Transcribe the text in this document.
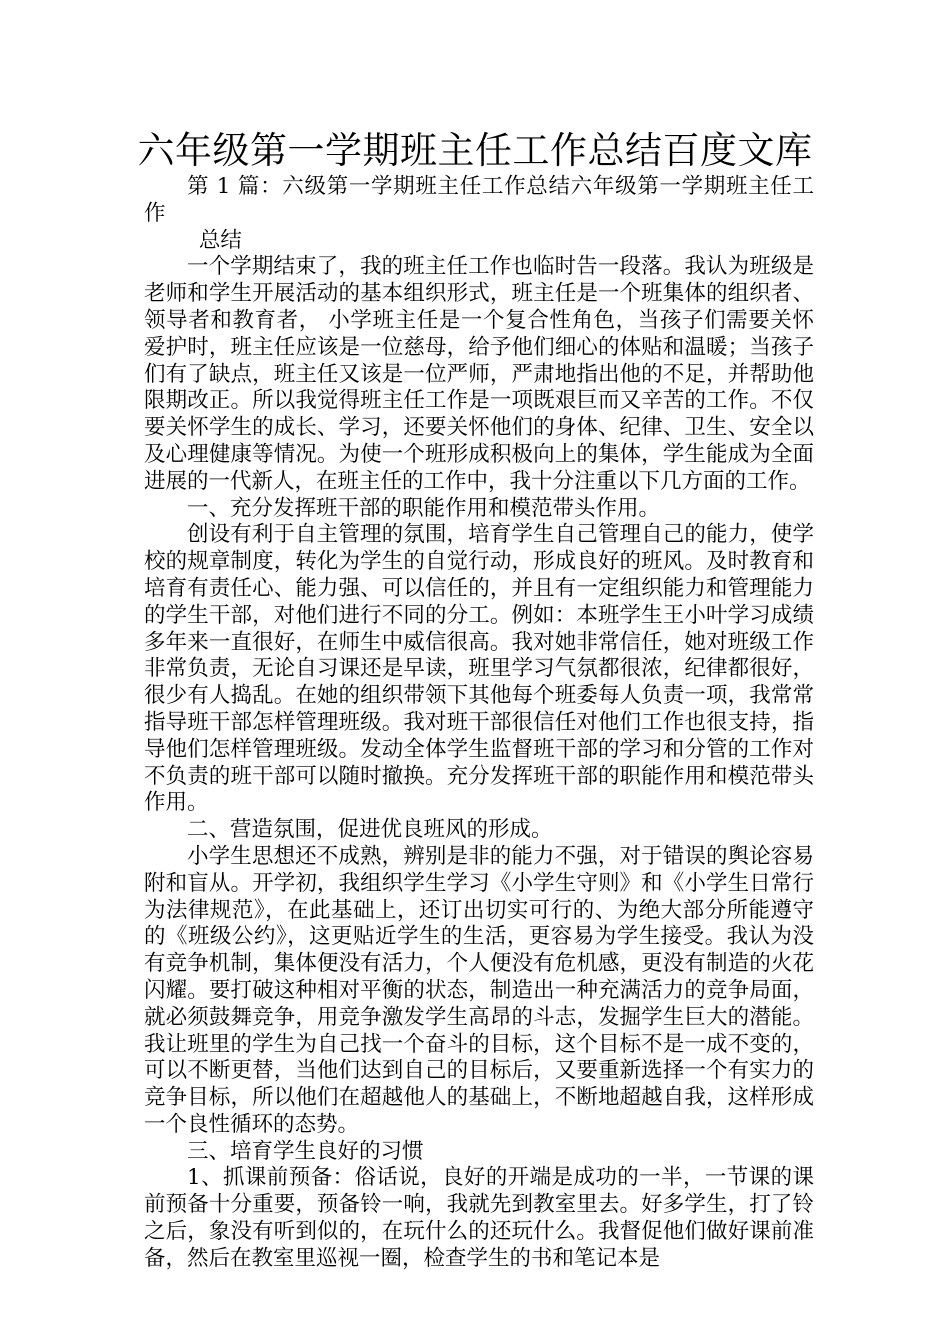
六年级第一学期班主任工作总结百度文库

第 1 篇：六级第一学期班主任工作总结六年级第一学期班主任工作

总结

一个学期结束了，我的班主任工作也临时告一段落。我认为班级是老师和学生开展活动的基本组织形式，班主任是一个班集体的组织者、领导者和教育者， 小学班主任是一个复合性角色，当孩子们需要关怀爱护时，班主任应该是一位慈母，给予他们细心的体贴和温暖；当孩子们有了缺点，班主任又该是一位严师，严肃地指出他的不足，并帮助他限期改正。所以我觉得班主任工作是一项既艰巨而又辛苦的工作。不仅要关怀学生的成长、学习，还要关怀他们的身体、纪律、卫生、安全以及心理健康等情况。为使一个班形成积极向上的集体，学生能成为全面进展的一代新人，在班主任的工作中，我十分注重以下几方面的工作。

一、充分发挥班干部的职能作用和模范带头作用。

创设有利于自主管理的氛围，培育学生自己管理自己的能力，使学校的规章制度，转化为学生的自觉行动，形成良好的班风。及时教育和培育有责任心、能力强、可以信任的，并且有一定组织能力和管理能力的学生干部，对他们进行不同的分工。例如：本班学生王小叶学习成绩多年来一直很好，在师生中威信很高。我对她非常信任，她对班级工作非常负责，无论自习课还是早读，班里学习气氛都很浓，纪律都很好，很少有人捣乱。在她的组织带领下其他每个班委每人负责一项，我常常指导班干部怎样管理班级。我对班干部很信任对他们工作也很支持，指导他们怎样管理班级。发动全体学生监督班干部的学习和分管的工作对不负责的班干部可以随时撤换。充分发挥班干部的职能作用和模范带头作用。

二、营造氛围，促进优良班风的形成。

小学生思想还不成熟，辨别是非的能力不强，对于错误的舆论容易附和盲从。开学初，我组织学生学习《小学生守则》和《小学生日常行为法律规范》，在此基础上，还订出切实可行的、为绝大部分所能遵守的《班级公约》，这更贴近学生的生活，更容易为学生接受。我认为没有竞争机制，集体便没有活力，个人便没有危机感，更没有制造的火花闪耀。要打破这种相对平衡的状态，制造出一种充满活力的竞争局面，就必须鼓舞竞争，用竞争激发学生高昂的斗志，发掘学生巨大的潜能。我让班里的学生为自己找一个奋斗的目标，这个目标不是一成不变的，可以不断更替，当他们达到自己的目标后，又要重新选择一个有实力的竞争目标，所以他们在超越他人的基础上，不断地超越自我，这样形成一个良性循环的态势。

三、培育学生良好的习惯

1、抓课前预备：俗话说，良好的开端是成功的一半，一节课的课前预备十分重要，预备铃一响，我就先到教室里去。好多学生，打了铃之后，象没有听到似的，在玩什么的还玩什么。我督促他们做好课前准备，然后在教室里巡视一圈，检查学生的书和笔记本是
